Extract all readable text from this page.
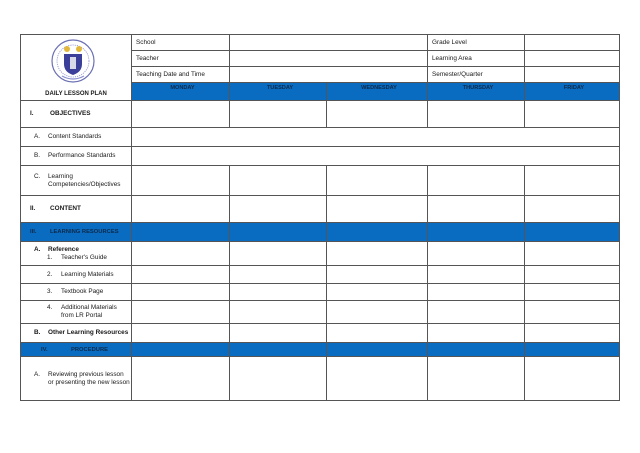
DAILY LESSON PLAN	School			Grade Level	
	Teacher			Learning Area	
	Teaching Date and Time			Semester/Quarter	
	MONDAY	TUESDAY	WEDNESDAY	THURSDAY	FRIDAY

I. OBJECTIVES					

A. Content Standards					

B. Performance Standards					

C. Learning Competencies/Objectives					

II. CONTENT					

III. LEARNING RESOURCES					

A. Reference
1. Teacher's Guide					

2. Learning Materials					

3. Textbook Page					

4. Additional Materials from LR Portal					

B. Other Learning Resources					

IV. PROCEDURE					

A. Reviewing previous lesson or presenting the new lesson					
